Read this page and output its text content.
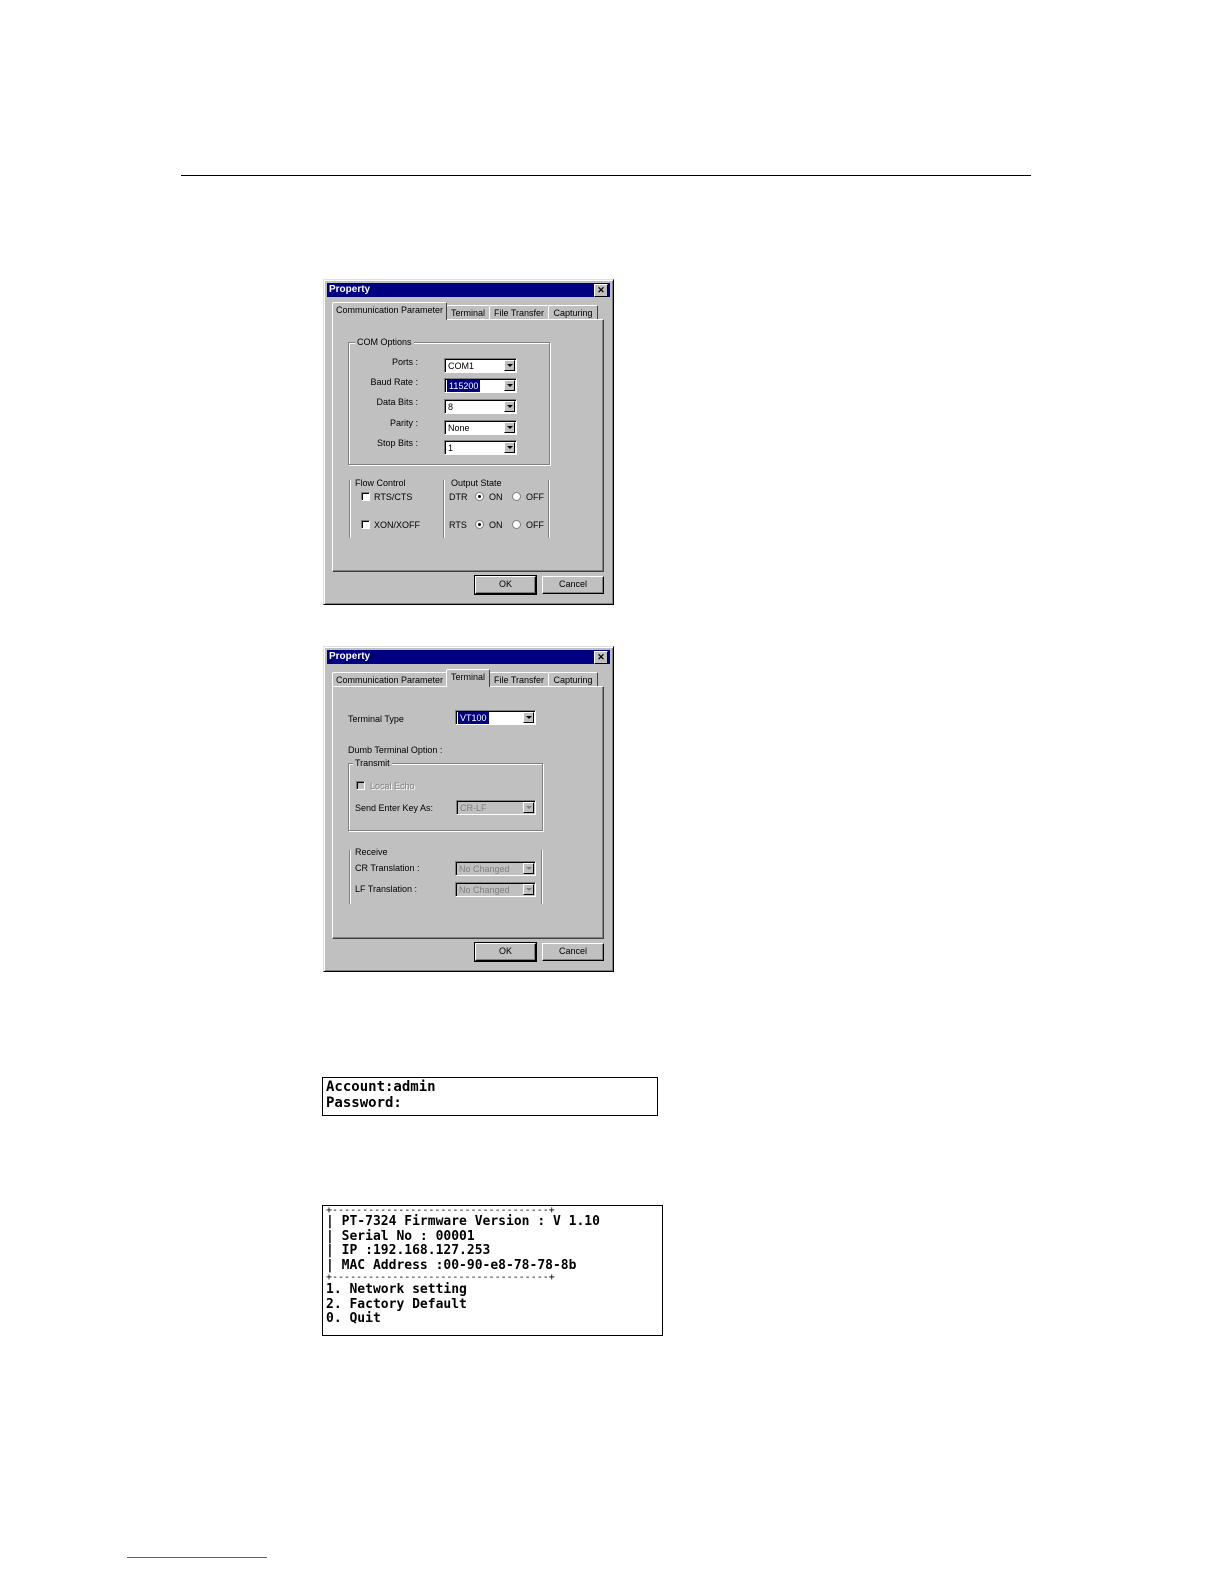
Property	✕
Communication Parameter Terminal File Transfer	Capturing
COM Options
Ports :	COM1
Baud Rate :	115200
Data Bits :	8
Parity :	None
Stop Bits :	1
Flow Control
RTS/CTS
XON/XOFF
Output State
DTR ON	OFF
RTS ON	OFF
OK	Cancel
Property	✕
Communication Parameter Terminal File Transfer	Capturing
Terminal Type	VT100
Dumb Terminal Option :
Transmit
Local Echo
Send Enter Key As:	CR-LF
Receive
CR Translation :	No Changed
LF Translation :	No Changed
OK	Cancel
Account:admin
Password:
+------------------------------------+
| PT-7324 Firmware Version : V 1.10
| Serial No : 00001
| IP :192.168.127.253
| MAC Address :00-90-e8-78-78-8b
+------------------------------------+
1. Network setting
2. Factory Default
0. Quit
